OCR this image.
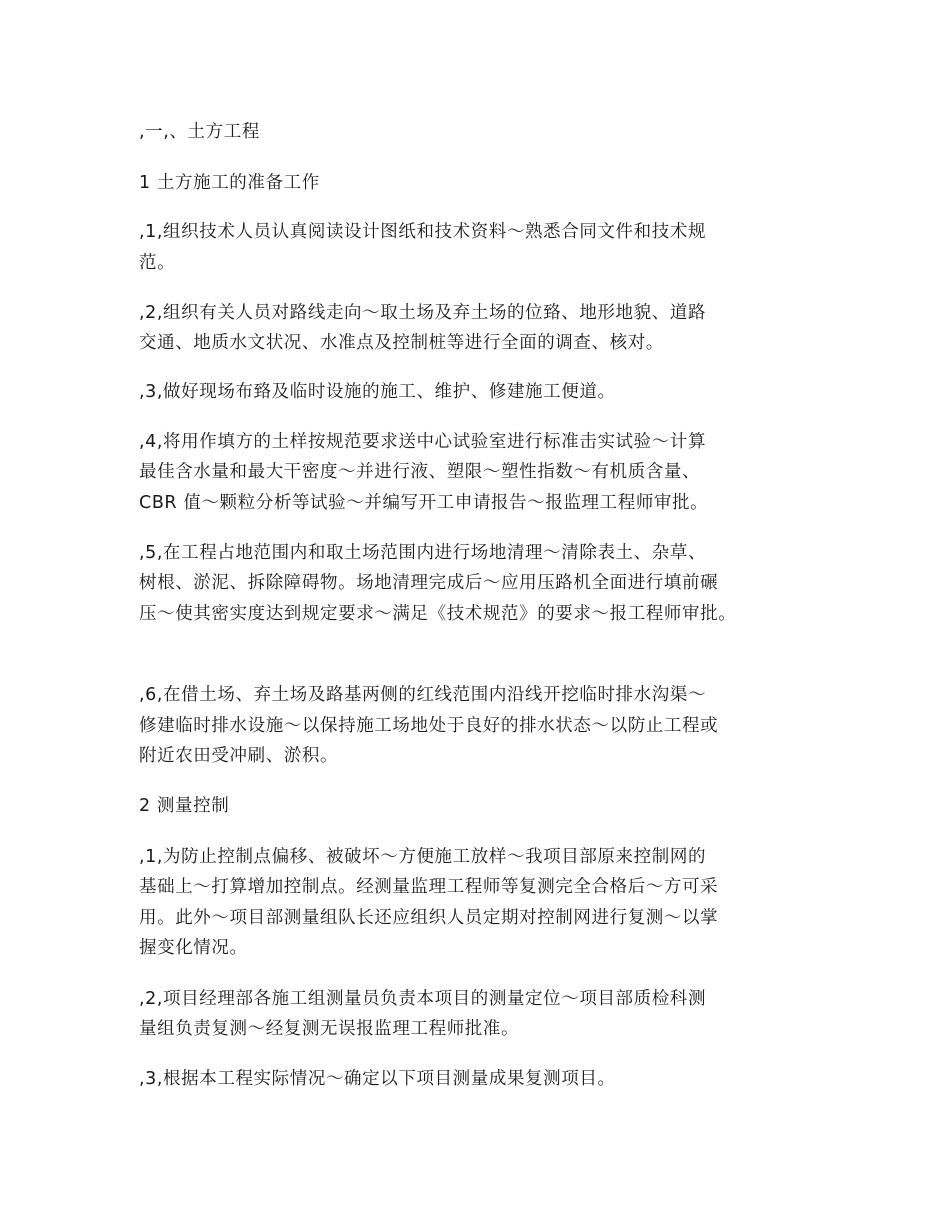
,一,、土方工程

1 土方施工的准备工作

,1,组织技术人员认真阅读设计图纸和技术资料～熟悉合同文件和技术规

范。

,2,组织有关人员对路线走向～取土场及弃土场的位臵、地形地貌、道路

交通、地质水文状况、水准点及控制桩等进行全面的调查、核对。

,3,做好现场布臵及临时设施的施工、维护、修建施工便道。

,4,将用作填方的土样按规范要求送中心试验室进行标准击实试验～计算

最佳含水量和最大干密度～并进行液、塑限～塑性指数～有机质含量、

CBR 值～颗粒分析等试验～并编写开工申请报告～报监理工程师审批。

,5,在工程占地范围内和取土场范围内进行场地清理～清除表土、杂草、

树根、淤泥、拆除障碍物。场地清理完成后～应用压路机全面进行填前碾

压～使其密实度达到规定要求～满足《技术规范》的要求～报工程师审批。

,6,在借土场、弃土场及路基两侧的红线范围内沿线开挖临时排水沟渠～

修建临时排水设施～以保持施工场地处于良好的排水状态～以防止工程或

附近农田受冲刷、淤积。

2 测量控制

,1,为防止控制点偏移、被破坏～方便施工放样～我项目部原来控制网的

基础上～打算增加控制点。经测量监理工程师等复测完全合格后～方可采

用。此外～项目部测量组队长还应组织人员定期对控制网进行复测～以掌

握变化情况。

,2,项目经理部各施工组测量员负责本项目的测量定位～项目部质检科测

量组负责复测～经复测无误报监理工程师批准。

,3,根据本工程实际情况～确定以下项目测量成果复测项目。
